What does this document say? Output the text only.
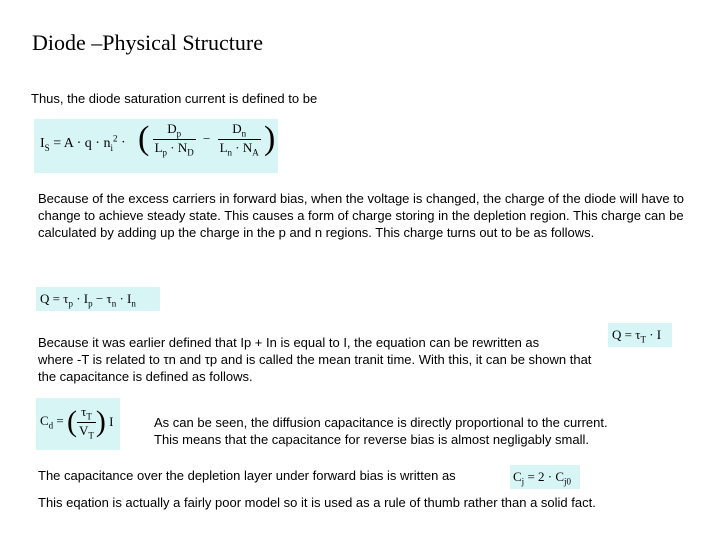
Diode –Physical Structure
Thus, the diode saturation current is defined to be
$I_S = A \cdot q \cdot n_i^2$ · ( $\frac{D_p}{L_p \cdot N_D} - \frac{D_n}{L_n \cdot N_A}$ )
Because of the excess carriers in forward bias, when the voltage is changed, the charge of the diode will have to change to achieve steady state. This causes a form of charge storing in the depletion region. This charge can be calculated by adding up the charge in the p and n regions. This charge turns out to be as follows.
$Q = \tau_p \cdot I_p - \tau_n \cdot I_n$
Because it was earlier defined that Ip + In is equal to I, the equation can be rewritten as
$Q = \tau_T \cdot I$
where -T is related to τn and τp and is called the mean tranit time. With this, it can be shown that
the capacitance is defined as follows.
$C_d$ = ( $\frac{\tau_T}{V_T}$ ) I	As can be seen, the diffusion capacitance is directly proportional to the current.
This means that the capacitance for reverse bias is almost negligably small.
The capacitance over the depletion layer under forward bias is written as	$C_j = 2 \cdot C_{j0}$
This eqation is actually a fairly poor model so it is used as a rule of thumb rather than a solid fact.
